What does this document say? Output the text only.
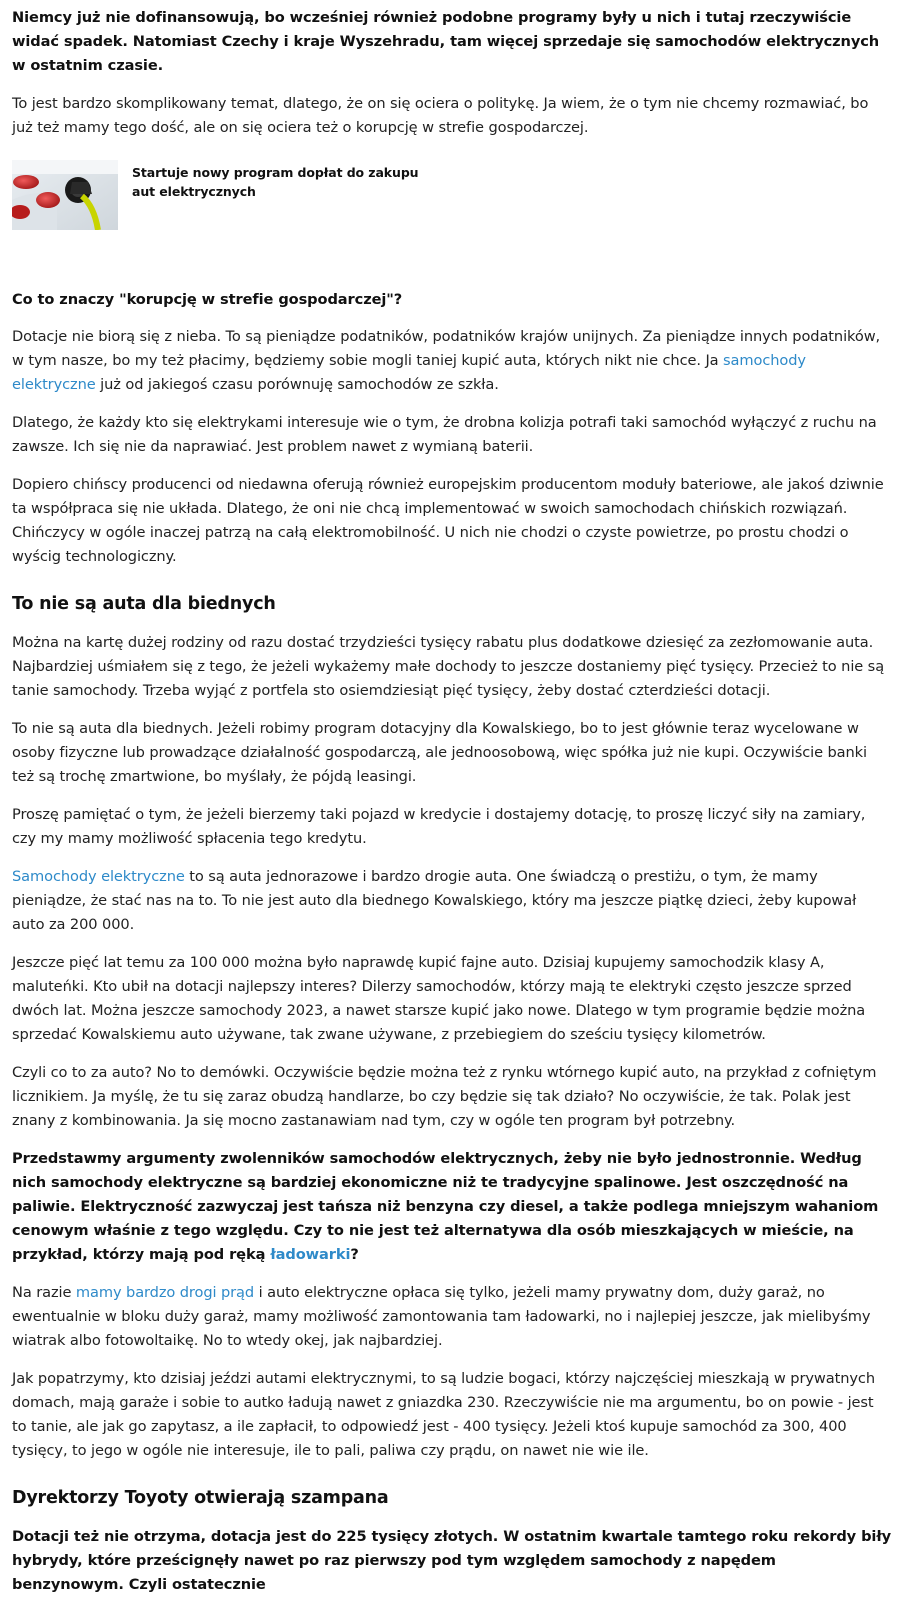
Niemcy już nie dofinansowują, bo wcześniej również podobne programy były u nich i tutaj rzeczywiście widać spadek. Natomiast Czechy i kraje Wyszehradu, tam więcej sprzedaje się samochodów elektrycznych w ostatnim czasie.

To jest bardzo skomplikowany temat, dlatego, że on się ociera o politykę. Ja wiem, że o tym nie chcemy rozmawiać, bo już też mamy tego dość, ale on się ociera też o korupcję w strefie gospodarczej.

Startuje nowy program dopłat do zakupu aut elektrycznych
Co to znaczy "korupcję w strefie gospodarczej"?

Dotacje nie biorą się z nieba. To są pieniądze podatników, podatników krajów unijnych. Za pieniądze innych podatników, w tym nasze, bo my też płacimy, będziemy sobie mogli taniej kupić auta, których nikt nie chce. Ja samochody elektryczne już od jakiegoś czasu porównuję samochodów ze szkła.

Dlatego, że każdy kto się elektrykami interesuje wie o tym, że drobna kolizja potrafi taki samochód wyłączyć z ruchu na zawsze. Ich się nie da naprawiać. Jest problem nawet z wymianą baterii.

Dopiero chińscy producenci od niedawna oferują również europejskim producentom moduły bateriowe, ale jakoś dziwnie ta współpraca się nie układa. Dlatego, że oni nie chcą implementować w swoich samochodach chińskich rozwiązań. Chińczycy w ogóle inaczej patrzą na całą elektromobilność. U nich nie chodzi o czyste powietrze, po prostu chodzi o wyścig technologiczny.

To nie są auta dla biednych

Można na kartę dużej rodziny od razu dostać trzydzieści tysięcy rabatu plus dodatkowe dziesięć za zezłomowanie auta. Najbardziej uśmiałem się z tego, że jeżeli wykażemy małe dochody to jeszcze dostaniemy pięć tysięcy. Przecież to nie są tanie samochody. Trzeba wyjąć z portfela sto osiemdziesiąt pięć tysięcy, żeby dostać czterdzieści dotacji.

To nie są auta dla biednych. Jeżeli robimy program dotacyjny dla Kowalskiego, bo to jest głównie teraz wycelowane w osoby fizyczne lub prowadzące działalność gospodarczą, ale jednoosobową, więc spółka już nie kupi. Oczywiście banki też są trochę zmartwione, bo myślały, że pójdą leasingi.

Proszę pamiętać o tym, że jeżeli bierzemy taki pojazd w kredycie i dostajemy dotację, to proszę liczyć siły na zamiary, czy my mamy możliwość spłacenia tego kredytu.

Samochody elektryczne to są auta jednorazowe i bardzo drogie auta. One świadczą o prestiżu, o tym, że mamy pieniądze, że stać nas na to. To nie jest auto dla biednego Kowalskiego, który ma jeszcze piątkę dzieci, żeby kupował auto za 200 000.

Jeszcze pięć lat temu za 100 000 można było naprawdę kupić fajne auto. Dzisiaj kupujemy samochodzik klasy A, maluteńki. Kto ubił na dotacji najlepszy interes? Dilerzy samochodów, którzy mają te elektryki często jeszcze sprzed dwóch lat. Można jeszcze samochody 2023, a nawet starsze kupić jako nowe. Dlatego w tym programie będzie można sprzedać Kowalskiemu auto używane, tak zwane używane, z przebiegiem do sześciu tysięcy kilometrów.

Czyli co to za auto? No to demówki. Oczywiście będzie można też z rynku wtórnego kupić auto, na przykład z cofniętym licznikiem. Ja myślę, że tu się zaraz obudzą handlarze, bo czy będzie się tak działo? No oczywiście, że tak. Polak jest znany z kombinowania. Ja się mocno zastanawiam nad tym, czy w ogóle ten program był potrzebny.

Przedstawmy argumenty zwolenników samochodów elektrycznych, żeby nie było jednostronnie. Według nich samochody elektryczne są bardziej ekonomiczne niż te tradycyjne spalinowe. Jest oszczędność na paliwie. Elektryczność zazwyczaj jest tańsza niż benzyna czy diesel, a także podlega mniejszym wahaniom cenowym właśnie z tego względu. Czy to nie jest też alternatywa dla osób mieszkających w mieście, na przykład, którzy mają pod ręką ładowarki?

Na razie mamy bardzo drogi prąd i auto elektryczne opłaca się tylko, jeżeli mamy prywatny dom, duży garaż, no ewentualnie w bloku duży garaż, mamy możliwość zamontowania tam ładowarki, no i najlepiej jeszcze, jak mielibyśmy wiatrak albo fotowoltaikę. No to wtedy okej, jak najbardziej.

Jak popatrzymy, kto dzisiaj jeździ autami elektrycznymi, to są ludzie bogaci, którzy najczęściej mieszkają w prywatnych domach, mają garaże i sobie to autko ładują nawet z gniazdka 230. Rzeczywiście nie ma argumentu, bo on powie - jest to tanie, ale jak go zapytasz, a ile zapłacił, to odpowiedź jest - 400 tysięcy. Jeżeli ktoś kupuje samochód za 300, 400 tysięcy, to jego w ogóle nie interesuje, ile to pali, paliwa czy prądu, on nawet nie wie ile.

Dyrektorzy Toyoty otwierają szampana

Dotacji też nie otrzyma, dotacja jest do 225 tysięcy złotych. W ostatnim kwartale tamtego roku rekordy biły hybrydy, które prześcignęły nawet po raz pierwszy pod tym względem samochody z napędem benzynowym. Czyli ostatecznie
